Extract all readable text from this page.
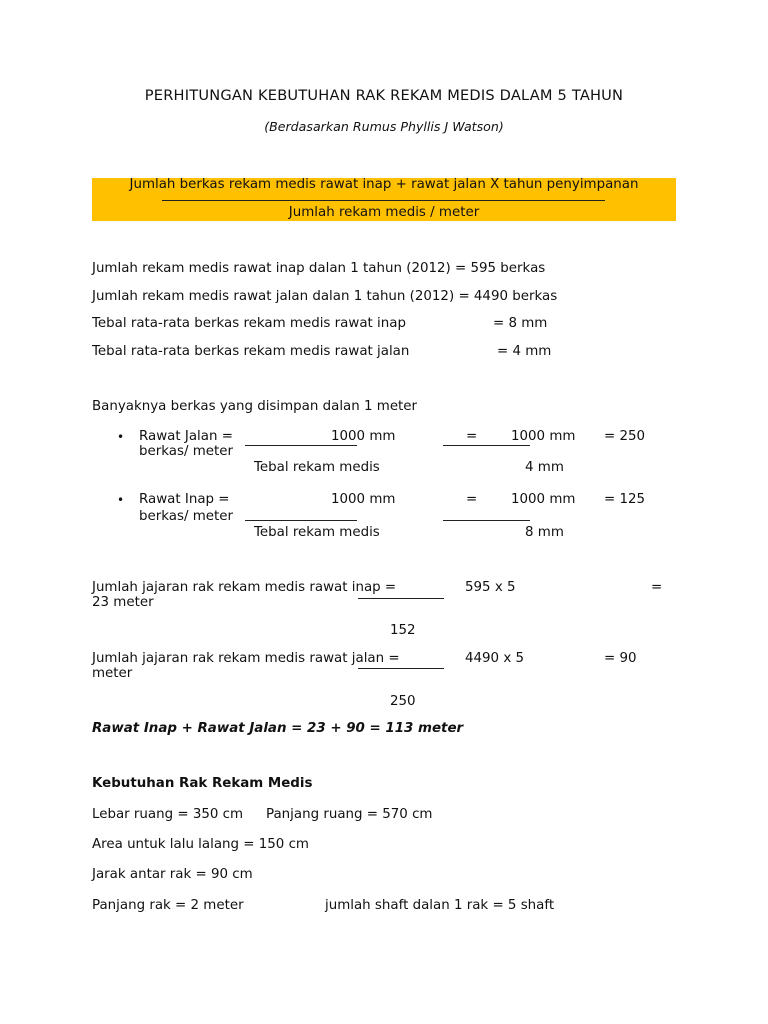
PERHITUNGAN KEBUTUHAN RAK REKAM MEDIS DALAM 5 TAHUN
(Berdasarkan Rumus Phyllis J Watson)
Jumlah berkas rekam medis rawat inap + rawat jalan X tahun penyimpanan
Jumlah rekam medis / meter
Jumlah rekam medis rawat inap dalan 1 tahun (2012) = 595 berkas
Jumlah rekam medis rawat jalan dalan 1 tahun (2012) = 4490 berkas
Tebal rata-rata berkas rekam medis rawat inap	= 8 mm
Tebal rata-rata berkas rekam medis rawat jalan	= 4 mm
Banyaknya berkas yang disimpan dalan 1 meter
• Rawat Jalan =	1000 mm	=	1000 mm = 250
berkas/ meter
Tebal rekam medis	4 mm
• Rawat Inap =	1000 mm	=	1000 mm = 125
berkas/ meter
Tebal rekam medis	8 mm
Jumlah jajaran rak rekam medis rawat inap =	595 x 5	=
23 meter
152
Jumlah jajaran rak rekam medis rawat jalan =	4490 x 5	= 90
meter
250
Rawat Inap + Rawat Jalan = 23 + 90 = 113 meter
Kebutuhan Rak Rekam Medis
Lebar ruang = 350 cm Panjang ruang = 570 cm
Area untuk lalu lalang = 150 cm
Jarak antar rak = 90 cm
Panjang rak = 2 meter	jumlah shaft dalan 1 rak = 5 shaft
